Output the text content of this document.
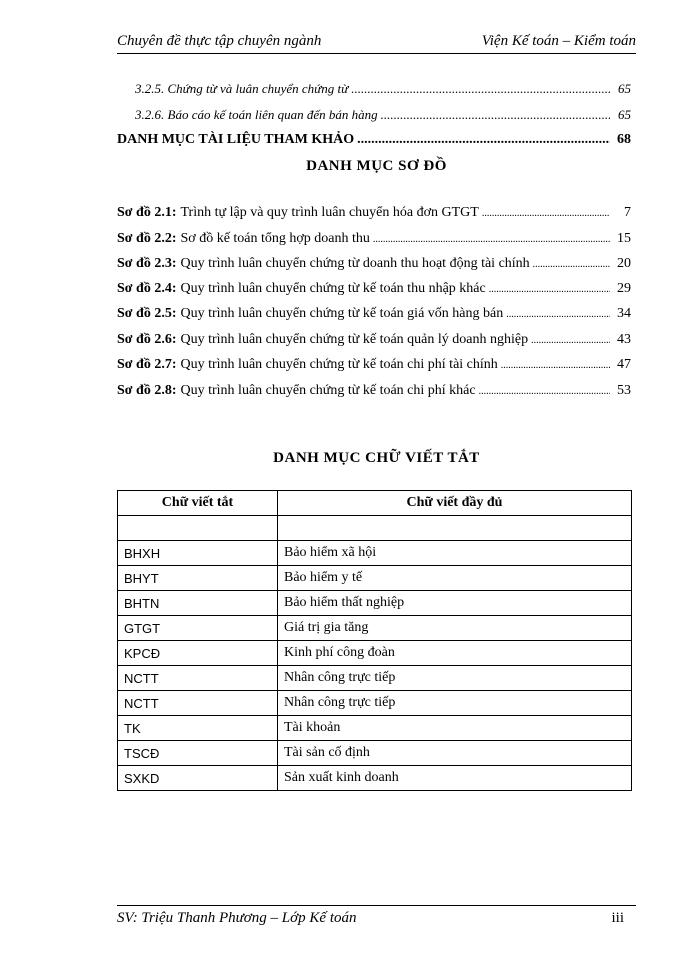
Chuyên đề thực tập chuyên ngành	Viện Kế toán – Kiểm toán
3.2.5. Chứng từ và luân chuyển chứng từ .....	65
3.2.6. Báo cáo kế toán liên quan đến bán hàng .....	65
DANH MỤC TÀI LIỆU THAM KHẢO .....	68
DANH MỤC SƠ ĐỒ
Sơ đồ 2.1: Trình tự lập và quy trình luân chuyển hóa đơn GTGT .....	7
Sơ đồ 2.2: Sơ đồ kế toán tổng hợp doanh thu .....	15
Sơ đồ 2.3: Quy trình luân chuyển chứng từ doanh thu hoạt động tài chính .....	20
Sơ đồ 2.4: Quy trình luân chuyển chứng từ kế toán thu nhập khác .....	29
Sơ đồ 2.5: Quy trình luân chuyển chứng từ kế toán giá vốn hàng bán .....	34
Sơ đồ 2.6: Quy trình luân chuyển chứng từ kế toán quản lý doanh nghiệp .....	43
Sơ đồ 2.7: Quy trình luân chuyển chứng từ kế toán chi phí tài chính .....	47
Sơ đồ 2.8: Quy trình luân chuyển chứng từ kế toán chi phí khác .....	53
DANH MỤC CHỮ VIẾT TẮT
Chữ viết tắt	Chữ viết đầy đủ

BHXH	Bảo hiểm xã hội
BHYT	Bảo hiểm y tế
BHTN	Bảo hiểm thất nghiệp
GTGT	Giá trị gia tăng
KPCĐ	Kinh phí công đoàn
NCTT	Nhân công trực tiếp
NCTT	Nhân công trực tiếp
TK	Tài khoản
TSCĐ	Tài sản cố định
SXKD	Sản xuất kinh doanh
SV: Triệu Thanh Phương – Lớp Kế toán	iii
